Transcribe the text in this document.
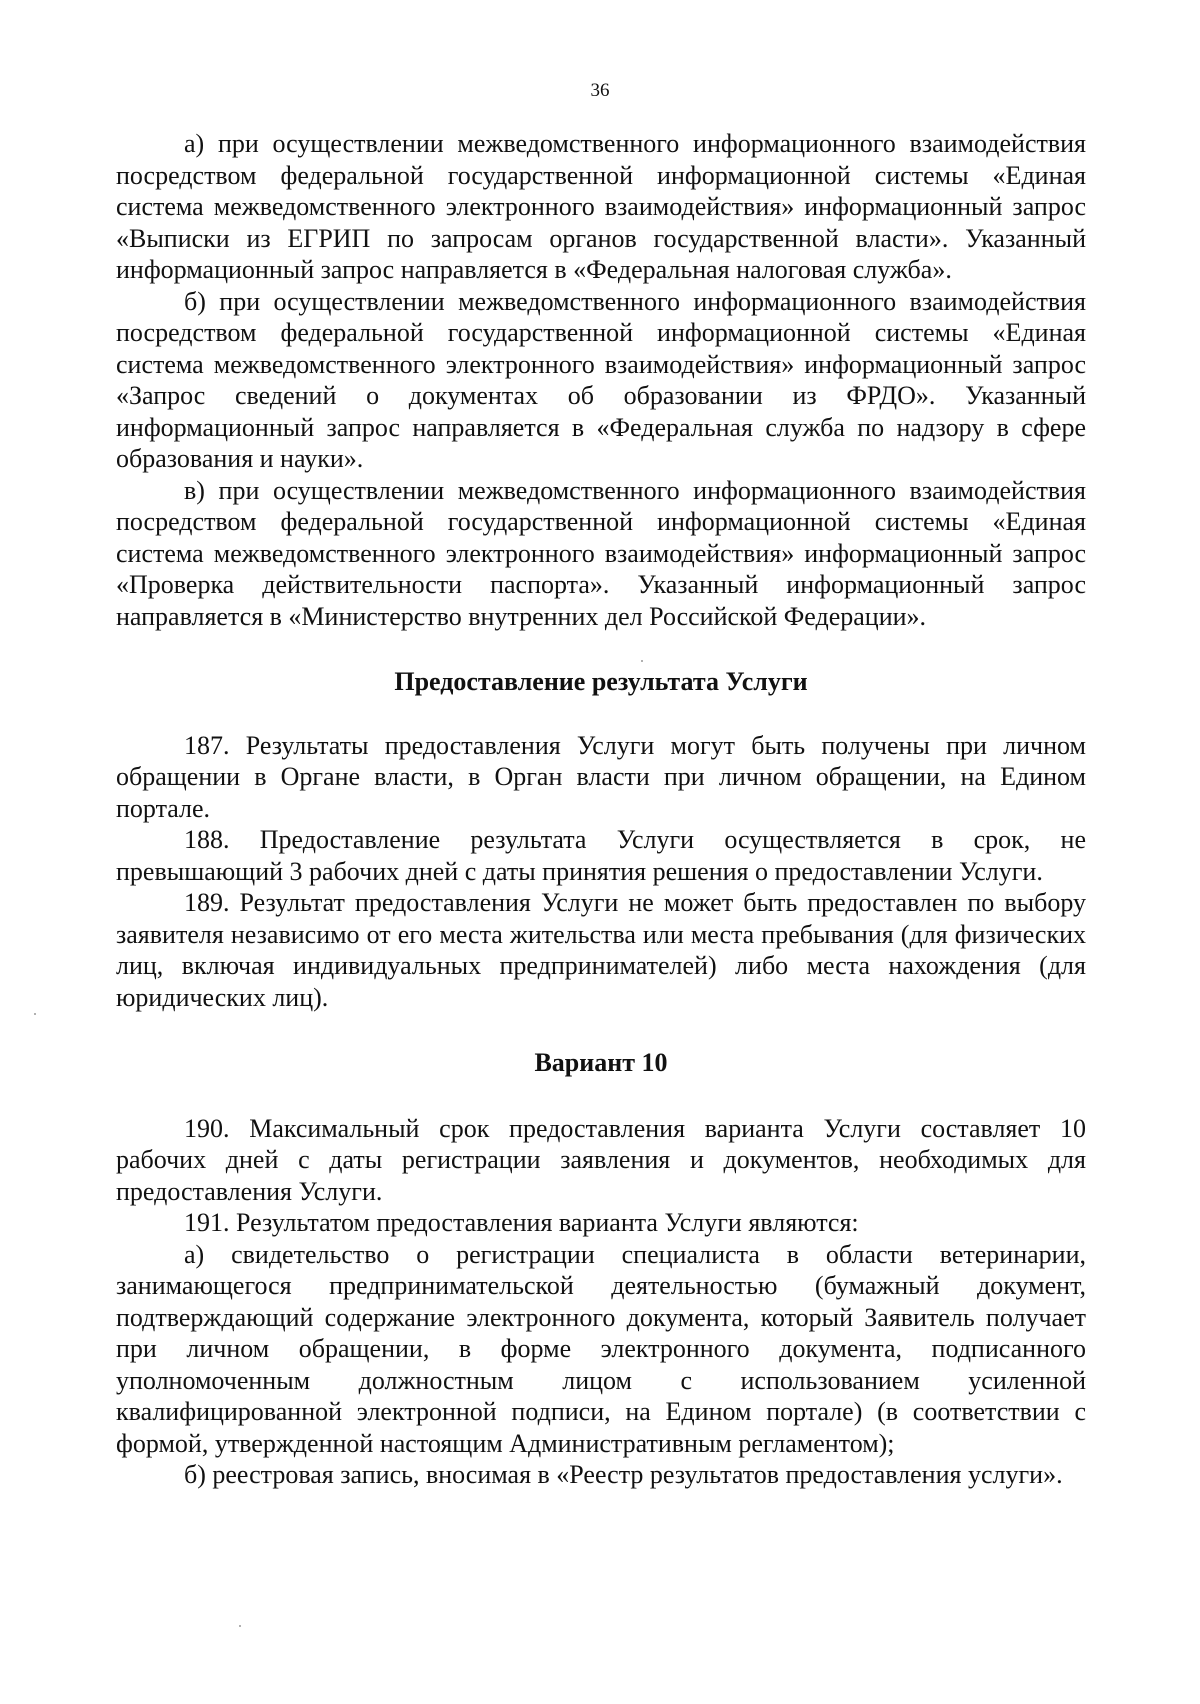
36

а) при осуществлении межведомственного информационного взаимодействия посредством федеральной государственной информационной системы «Единая система межведомственного электронного взаимодействия» информационный запрос «Выписки из ЕГРИП по запросам органов государственной власти». Указанный информационный запрос направляется в «Федеральная налоговая служба».

б) при осуществлении межведомственного информационного взаимодействия посредством федеральной государственной информационной системы «Единая система межведомственного электронного взаимодействия» информационный запрос «Запрос сведений о документах об образовании из ФРДО». Указанный информационный запрос направляется в «Федеральная служба по надзору в сфере образования и науки».

в) при осуществлении межведомственного информационного взаимодействия посредством федеральной государственной информационной системы «Единая система межведомственного электронного взаимодействия» информационный запрос «Проверка действительности паспорта». Указанный информационный запрос направляется в «Министерство внутренних дел Российской Федерации».

Предоставление результата Услуги

187. Результаты предоставления Услуги могут быть получены при личном обращении в Органе власти, в Орган власти при личном обращении, на Едином портале.

188. Предоставление результата Услуги осуществляется в срок, не превышающий 3 рабочих дней с даты принятия решения о предоставлении Услуги.

189. Результат предоставления Услуги не может быть предоставлен по выбору заявителя независимо от его места жительства или места пребывания (для физических лиц, включая индивидуальных предпринимателей) либо места нахождения (для юридических лиц).

Вариант 10

190. Максимальный срок предоставления варианта Услуги составляет 10 рабочих дней с даты регистрации заявления и документов, необходимых для предоставления Услуги.

191. Результатом предоставления варианта Услуги являются:

а) свидетельство о регистрации специалиста в области ветеринарии, занимающегося предпринимательской деятельностью (бумажный документ, подтверждающий содержание электронного документа, который Заявитель получает при личном обращении, в форме электронного документа, подписанного уполномоченным должностным лицом с использованием усиленной квалифицированной электронной подписи, на Едином портале) (в соответствии с формой, утвержденной настоящим Административным регламентом);

б) реестровая запись, вносимая в «Реестр результатов предоставления услуги».
